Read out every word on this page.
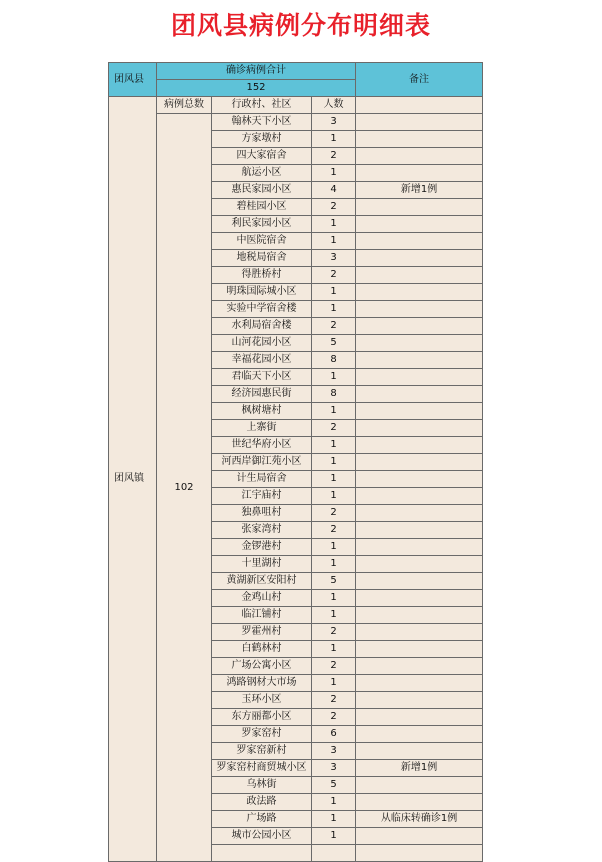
团风县病例分布明细表
团风县	确诊病例合计			备注
	152			
团风镇	病例总数	行政村、社区	人数	
	102	翰林天下小区	3	
		方家墩村	1	
		四大家宿舍	2	
		航运小区	1	
		惠民家园小区	4	新增1例
		碧桂园小区	2	
		利民家园小区	1	
		中医院宿舍	1	
		地税局宿舍	3	
		得胜桥村	2	
		明珠国际城小区	1	
		实验中学宿舍楼	1	
		水利局宿舍楼	2	
		山河花园小区	5	
		幸福花园小区	8	
		君临天下小区	1	
		经济园惠民街	8	
		枫树塘村	1	
		上寨街	2	
		世纪华府小区	1	
		河西岸御江苑小区	1	
		计生局宿舍	1	
		江宇庙村	1	
		独鼻咀村	2	
		张家湾村	2	
		金锣港村	1	
		十里湖村	1	
		黄湖新区安阳村	5	
		金鸡山村	1	
		临江铺村	1	
		罗霍州村	2	
		白鹤林村	1	
		广场公寓小区	2	
		鸿路钢材大市场	1	
		玉环小区	2	
		东方丽都小区	2	
		罗家窑村	6	
		罗家窑新村	3	
		罗家窑村商贸城小区	3	新增1例
		乌林街	5	
		政法路	1	
		广场路	1	从临床转确诊1例
		城市公园小区	1	
